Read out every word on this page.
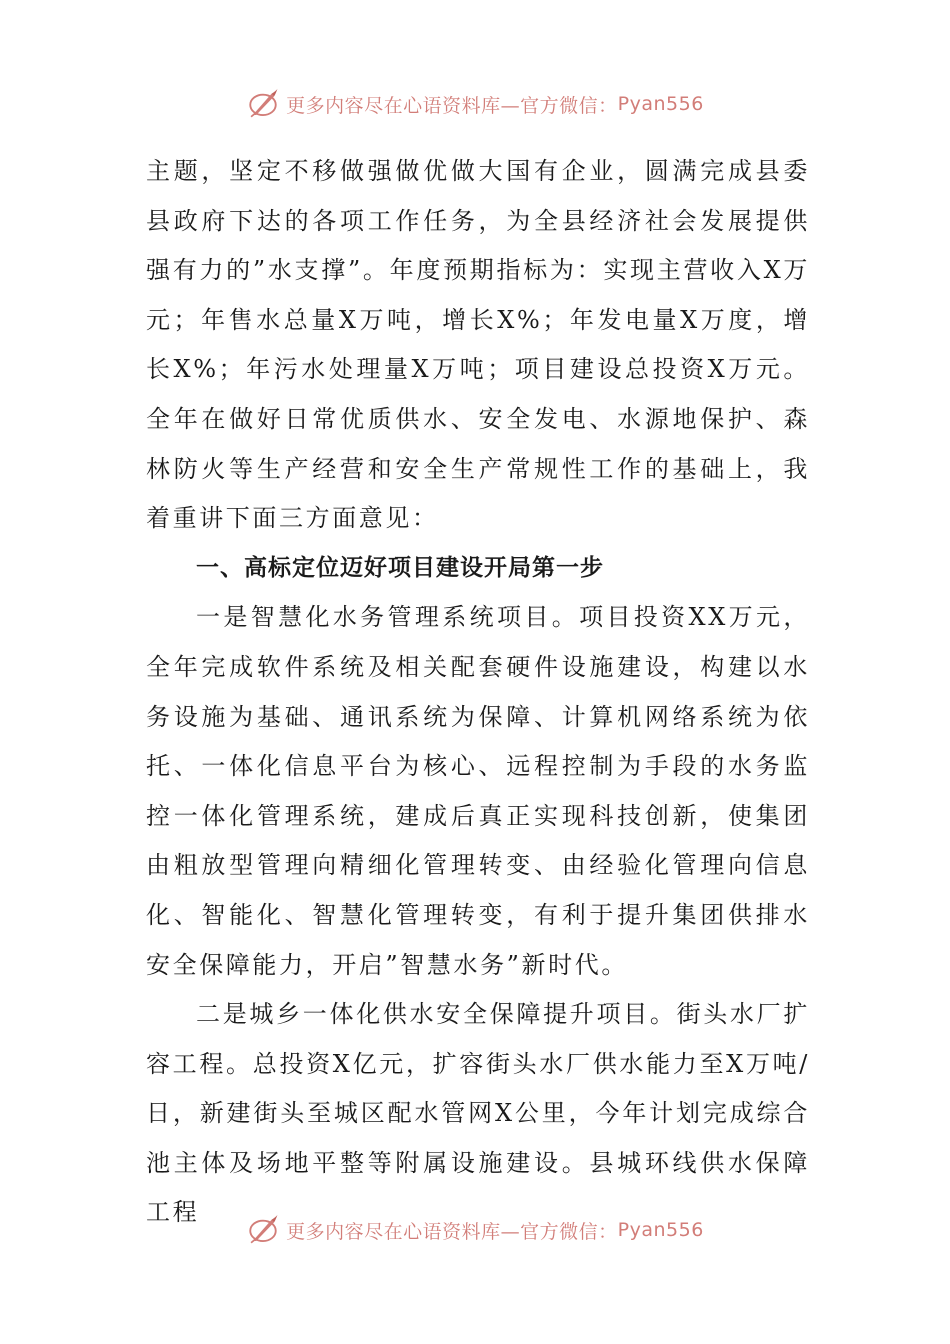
更多内容尽在心语资料库—官方微信： Pyan556

主题，坚定不移做强做优做大国有企业，圆满完成县委县政府下达的各项工作任务，为全县经济社会发展提供强有力的”水支撑”。年度预期指标为：实现主营收入X万元；年售水总量X万吨，增长X%；年发电量X万度，增长X%；年污水处理量X万吨；项目建设总投资X万元。全年在做好日常优质供水、安全发电、水源地保护、森林防火等生产经营和安全生产常规性工作的基础上，我着重讲下面三方面意见：

一、高标定位迈好项目建设开局第一步

一是智慧化水务管理系统项目。项目投资XX万元，全年完成软件系统及相关配套硬件设施建设，构建以水务设施为基础、通讯系统为保障、计算机网络系统为依托、一体化信息平台为核心、远程控制为手段的水务监控一体化管理系统，建成后真正实现科技创新，使集团由粗放型管理向精细化管理转变、由经验化管理向信息化、智能化、智慧化管理转变，有利于提升集团供排水安全保障能力，开启”智慧水务”新时代。

二是城乡一体化供水安全保障提升项目。街头水厂扩容工程。总投资X亿元，扩容街头水厂供水能力至X万吨/日，新建街头至城区配水管网X公里，今年计划完成综合池主体及场地平整等附属设施建设。县城环线供水保障工程

更多内容尽在心语资料库—官方微信： Pyan556
